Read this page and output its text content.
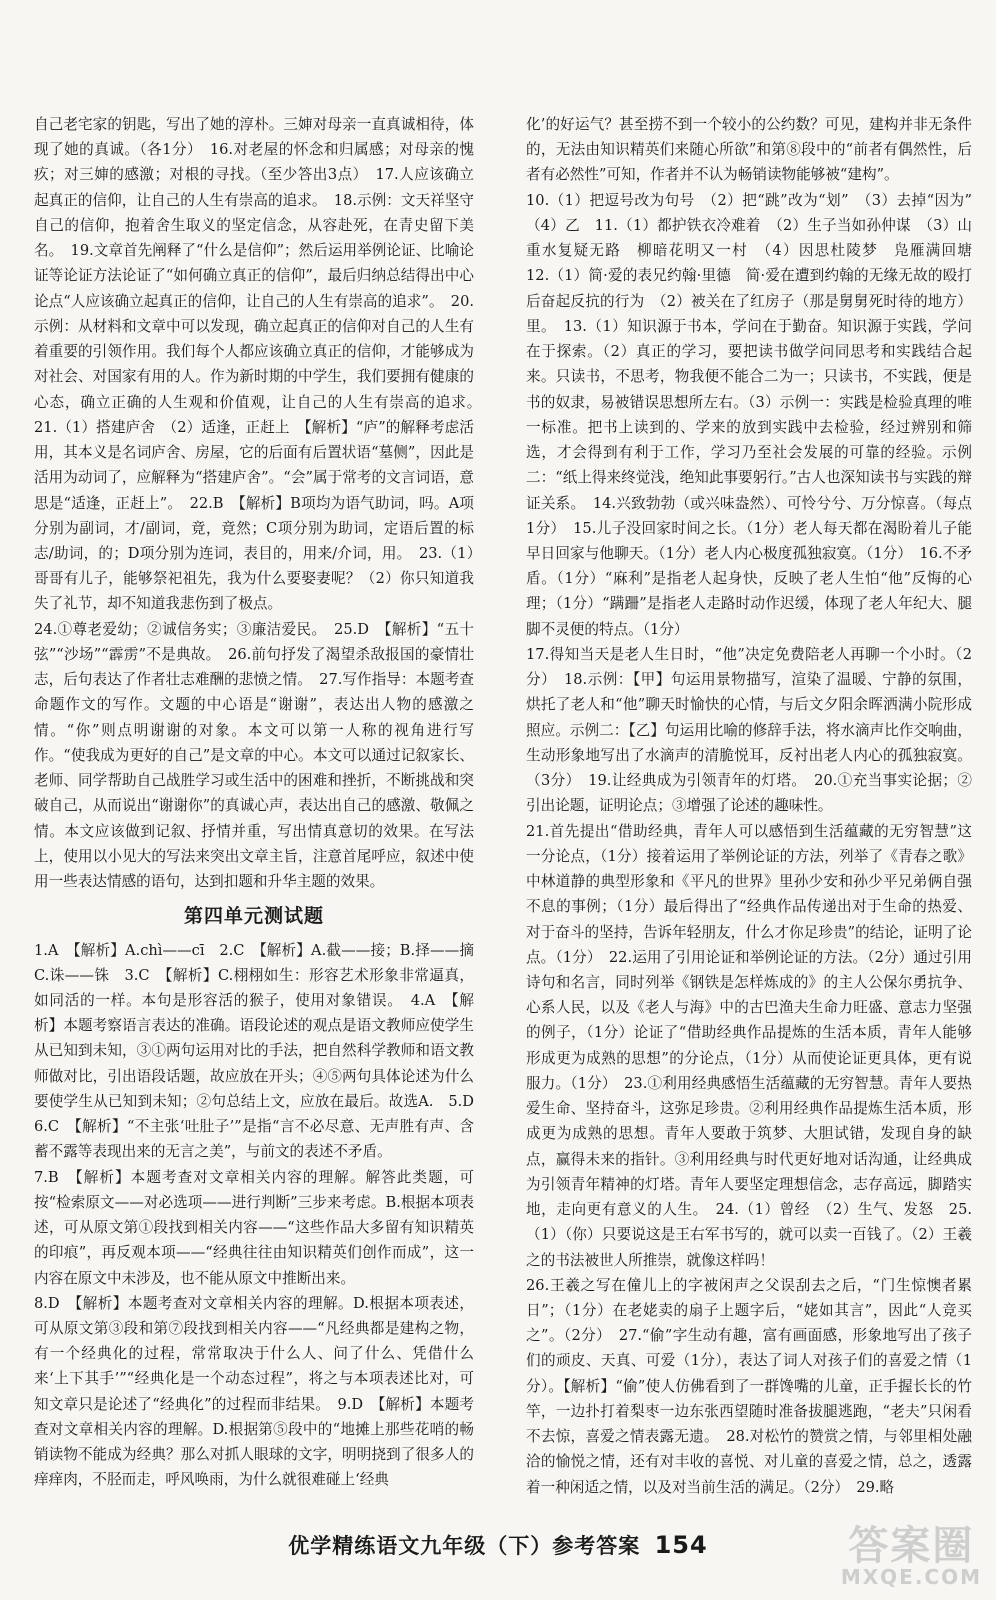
自己老宅家的钥匙，写出了她的淳朴。三婶对母亲一直真诚相待，体现了她的真诚。（各1分）　16.对老屋的怀念和归属感；对母亲的愧疚；对三婶的感激；对根的寻找。（至少答出3点）　17.人应该确立起真正的信仰，让自己的人生有崇高的追求。　18.示例：文天祥坚守自己的信仰，抱着舍生取义的坚定信念，从容赴死，在青史留下美名。　19.文章首先阐释了“什么是信仰”；然后运用举例论证、比喻论证等论证方法论证了“如何确立真正的信仰”，最后归纳总结得出中心论点“人应该确立起真正的信仰，让自己的人生有崇高的追求”。　20.示例：从材料和文章中可以发现，确立起真正的信仰对自己的人生有着重要的引领作用。我们每个人都应该确立真正的信仰，才能够成为对社会、对国家有用的人。作为新时期的中学生，我们要拥有健康的心态，确立正确的人生观和价值观，让自己的人生有崇高的追求。　21.（1）搭建庐舍　（2）适逢，正赶上　【解析】“庐”的解释考虑活用，其本义是名词庐舍、房屋，它的后面有后置状语“墓侧”，因此是活用为动词了，应解释为“搭建庐舍”。“会”属于常考的文言词语，意思是“适逢，正赶上”。　22.B　【解析】B项均为语气助词，吗。A项分别为副词，才/副词，竟，竟然；C项分别为助词，定语后置的标志/助词，的；D项分别为连词，表目的，用来/介词，用。　23.（1）哥哥有儿子，能够祭祀祖先，我为什么要娶妻呢？（2）你只知道我失了礼节，却不知道我悲伤到了极点。

24.①尊老爱幼；②诚信务实；③廉洁爱民。　25.D　【解析】“五十弦”“沙场”“霹雳”不是典故。　26.前句抒发了渴望杀敌报国的豪情壮志，后句表达了作者壮志难酬的悲愤之情。　27.写作指导：本题考查命题作文的写作。文题的中心语是“谢谢”，表达出人物的感激之情。“你”则点明谢谢的对象。本文可以第一人称的视角进行写作。“使我成为更好的自己”是文章的中心。本文可以通过记叙家长、老师、同学帮助自己战胜学习或生活中的困难和挫折，不断挑战和突破自己，从而说出“谢谢你”的真诚心声，表达出自己的感激、敬佩之情。本文应该做到记叙、抒情并重，写出情真意切的效果。在写法上，使用以小见大的写法来突出文章主旨，注意首尾呼应，叙述中使用一些表达情感的语句，达到扣题和升华主题的效果。

第四单元测试题

1.A　【解析】A.chì——cī　2.C　【解析】A.截——接；B.择——摘　C.诛——铢　3.C　【解析】C.栩栩如生：形容艺术形象非常逼真，如同活的一样。本句是形容活的猴子，使用对象错误。　4.A　【解析】本题考察语言表达的准确。语段论述的观点是语文教师应使学生从已知到未知，③①两句运用对比的手法，把自然科学教师和语文教师做对比，引出语段话题，故应放在开头；④⑤两句具体论述为什么要使学生从已知到未知；②句总结上文，应放在最后。故选A.　5.D　6.C　【解析】“不主张‘吐肚子’”是指“言不必尽意、无声胜有声、含蓄不露等表现出来的无言之美”，与前文的表述不矛盾。

7.B　【解析】本题考查对文章相关内容的理解。解答此类题，可按“检索原文——对必选项——进行判断”三步来考虑。B.根据本项表述，可从原文第①段找到相关内容——“这些作品大多留有知识精英的印痕”，再反观本项——“经典往往由知识精英们创作而成”，这一内容在原文中未涉及，也不能从原文中推断出来。

8.D　【解析】本题考查对文章相关内容的理解。D.根据本项表述，可从原文第③段和第⑦段找到相关内容——“凡经典都是建构之物，有一个经典化的过程，常常取决于什么人、问了什么、凭借什么来‘上下其手’”“经典化是一个动态过程”，将之与本项表述比对，可知文章只是论述了“经典化”的过程而非结果。　9.D　【解析】本题考查对文章相关内容的理解。D.根据第⑤段中的“地摊上那些花哨的畅销读物不能成为经典？那么对抓人眼球的文字，明明挠到了很多人的痒痒肉，不胫而走，呼风唤雨，为什么就很难碰上‘经典

化’的好运气？甚至捞不到一个较小的公约数？可见，建构并非无条件的，无法由知识精英们来随心所欲”和第⑧段中的“前者有偶然性，后者有必然性”可知，作者并不认为畅销读物能够被“建构”。

10.（1）把逗号改为句号　（2）把“跳”改为“划”　（3）去掉“因为”　（4）乙　11.（1）都护铁衣冷难着　（2）生子当如孙仲谋　（3）山重水复疑无路　柳暗花明又一村　（4）因思杜陵梦　凫雁满回塘　12.（1）简·爱的表兄约翰·里德　简·爱在遭到约翰的无缘无故的殴打后奋起反抗的行为　（2）被关在了红房子（那是舅舅死时待的地方）里。　13.（1）知识源于书本，学问在于勤奋。知识源于实践，学问在于探索。（2）真正的学习，要把读书做学问同思考和实践结合起来。只读书，不思考，物我便不能合二为一；只读书，不实践，便是书的奴隶，易被错误思想所左右。（3）示例一：实践是检验真理的唯一标准。把书上读到的、学来的放到实践中去检验，经过辨别和筛选，才会得到有利于工作，学习乃至社会发展的可靠的经验。示例二：“纸上得来终觉浅，绝知此事要躬行。”古人也深知读书与实践的辩证关系。　14.兴致勃勃（或兴味盎然）、可怜兮兮、万分惊喜。（每点1分）　15.儿子没回家时间之长。（1分）老人每天都在渴盼着儿子能早日回家与他聊天。（1分）老人内心极度孤独寂寞。（1分）　16.不矛盾。（1分）“麻利”是指老人起身快，反映了老人生怕“他”反悔的心理；（1分）“蹒跚”是指老人走路时动作迟缓，体现了老人年纪大、腿脚不灵便的特点。（1分）

17.得知当天是老人生日时，“他”决定免费陪老人再聊一个小时。（2分）　18.示例：【甲】句运用景物描写，渲染了温暖、宁静的氛围，烘托了老人和“他”聊天时愉快的心情，与后文夕阳余晖洒满小院形成照应。示例二：【乙】句运用比喻的修辞手法，将水滴声比作交响曲，生动形象地写出了水滴声的清脆悦耳，反衬出老人内心的孤独寂寞。（3分）　19.让经典成为引领青年的灯塔。　20.①充当事实论据；②引出论题，证明论点；③增强了论述的趣味性。

21.首先提出“借助经典，青年人可以感悟到生活蕴藏的无穷智慧”这一分论点，（1分）接着运用了举例论证的方法，列举了《青春之歌》中林道静的典型形象和《平凡的世界》里孙少安和孙少平兄弟俩自强不息的事例；（1分）最后得出了“经典作品传递出对于生命的热爱、对于奋斗的坚持，告诉年轻朋友，什么才你足珍贵”的结论，证明了论点。（1分）　22.运用了引用论证和举例论证的方法。（2分）通过引用诗句和名言，同时列举《钢铁是怎样炼成的》的主人公保尔勇抗争、心系人民，以及《老人与海》中的古巴渔夫生命力旺盛、意志力坚强的例子，（1分）论证了“借助经典作品提炼的生活本质，青年人能够形成更为成熟的思想”的分论点，（1分）从而使论证更具体，更有说服力。（1分）　23.①利用经典感悟生活蕴藏的无穷智慧。青年人要热爱生命、坚持奋斗，这弥足珍贵。②利用经典作品提炼生活本质，形成更为成熟的思想。青年人要敢于筑梦、大胆试错，发现自身的缺点，赢得未来的指针。③利用经典与时代更好地对话沟通，让经典成为引领青年精神的灯塔。青年人要坚定理想信念，志存高远，脚踏实地，走向更有意义的人生。　24.（1）曾经　（2）生气、发怒　25.（1）（你）只要说这是王右军书写的，就可以卖一百钱了。（2）王羲之的书法被世人所推崇，就像这样吗！

26.王羲之写在僮儿上的字被闲声之父误刮去之后，“门生惊懊者累日”；（1分）在老姥卖的扇子上题字后，“姥如其言”，因此“人竞买之”。（2分）　27.“偷”字生动有趣，富有画面感，形象地写出了孩子们的顽皮、天真、可爱（1分），表达了词人对孩子们的喜爱之情（1分）。【解析】“偷”使人仿佛看到了一群馋嘴的儿童，正手握长长的竹竿，一边扑打着梨枣一边东张西望随时准备拔腿逃跑，“老夫”只闲看不去惊，喜爱之情表露无遗。　28.对松竹的赞赏之情，与邻里相处融洽的愉悦之情，还有对丰收的喜悦、对儿童的喜爱之情，总之，透露着一种闲适之情，以及对当前生活的满足。（2分）　29.略

优学精练语文九年级（下）参考答案 154	答案圈
MXQE.COM
